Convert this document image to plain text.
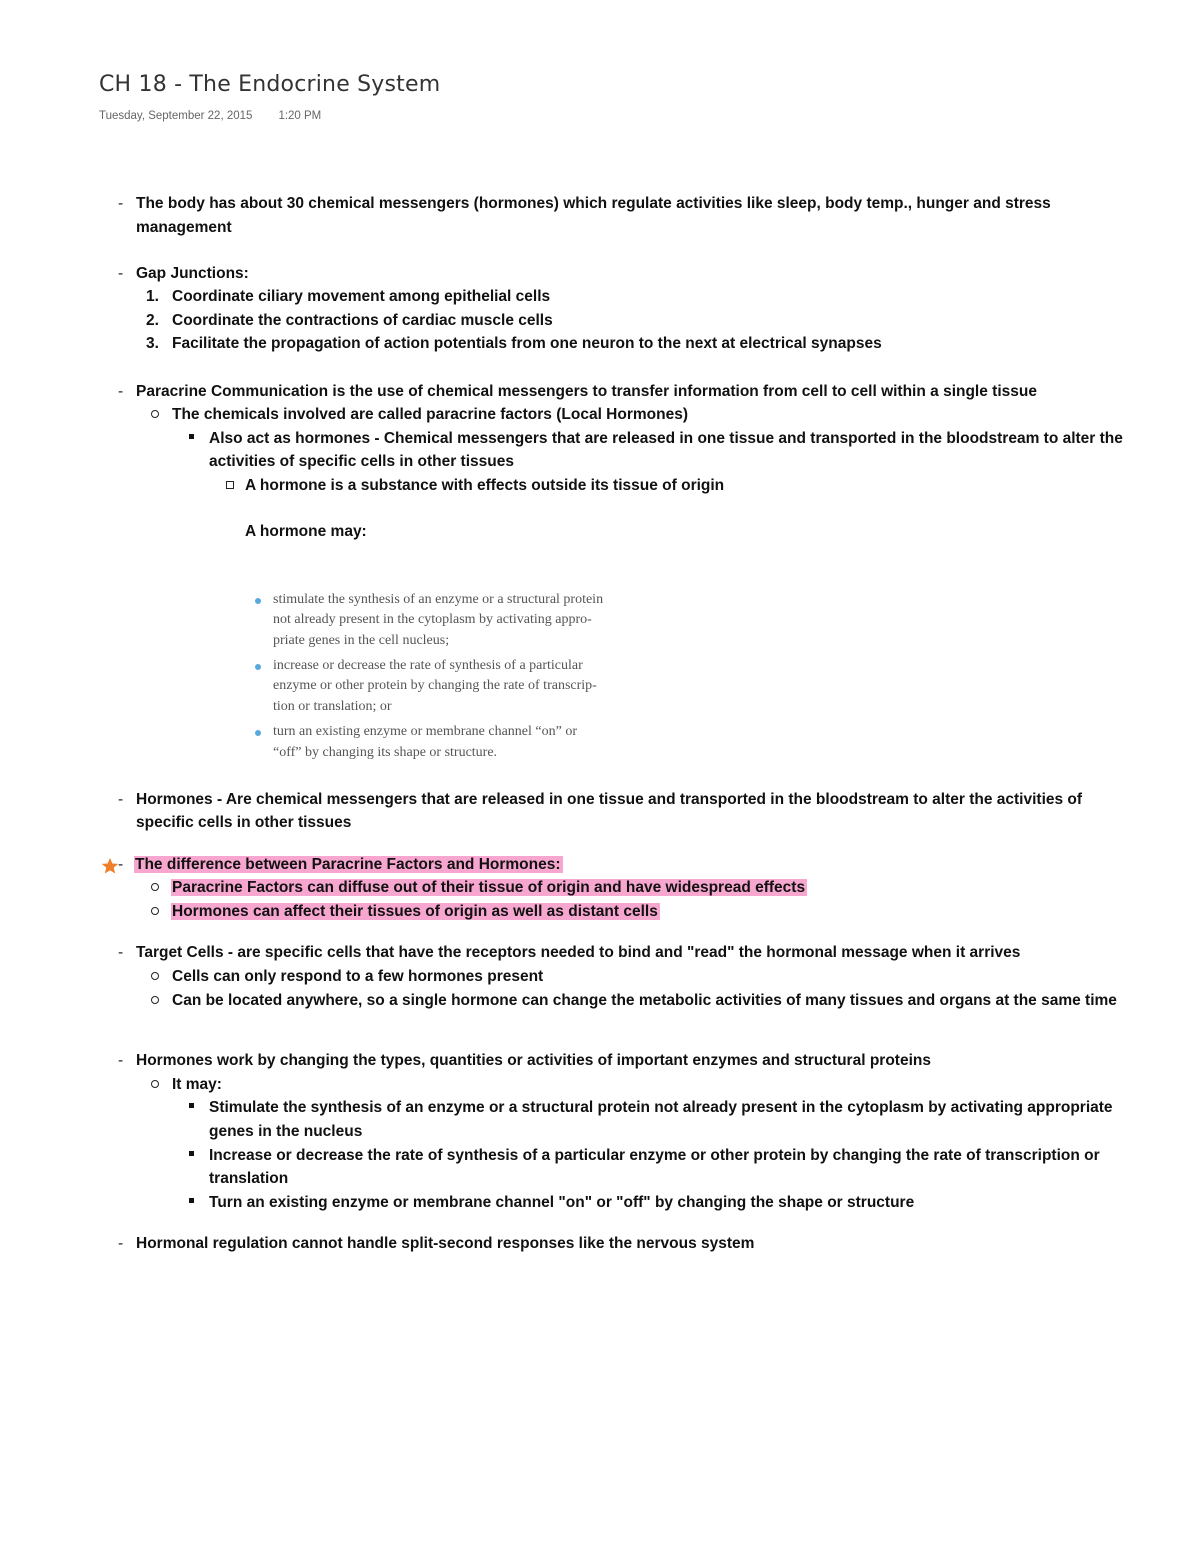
CH 18 - The Endocrine System
Tuesday, September 22, 2015 1:20 PM
- The body has about 30 chemical messengers (hormones) which regulate activities like sleep, body temp., hunger and stress
management
- Gap Junctions:
1. Coordinate ciliary movement among epithelial cells
2. Coordinate the contractions of cardiac muscle cells
3. Facilitate the propagation of action potentials from one neuron to the next at electrical synapses
- Paracrine Communication is the use of chemical messengers to transfer information from cell to cell within a single tissue
The chemicals involved are called paracrine factors (Local Hormones)
Also act as hormones - Chemical messengers that are released in one tissue and transported in the bloodstream to alter the
activities of specific cells in other tissues
A hormone is a substance with effects outside its tissue of origin
A hormone may:
stimulate the synthesis of an enzyme or a structural protein
not already present in the cytoplasm by activating appro-
priate genes in the cell nucleus;
increase or decrease the rate of synthesis of a particular
enzyme or other protein by changing the rate of transcrip-
tion or translation; or
turn an existing enzyme or membrane channel “on” or
“off” by changing its shape or structure.
- Hormones - Are chemical messengers that are released in one tissue and transported in the bloodstream to alter the activities of
specific cells in other tissues
- The difference between Paracrine Factors and Hormones:
Paracrine Factors can diffuse out of their tissue of origin and have widespread effects
Hormones can affect their tissues of origin as well as distant cells
- Target Cells - are specific cells that have the receptors needed to bind and "read" the hormonal message when it arrives
Cells can only respond to a few hormones present
Can be located anywhere, so a single hormone can change the metabolic activities of many tissues and organs at the same time
- Hormones work by changing the types, quantities or activities of important enzymes and structural proteins
It may:
Stimulate the synthesis of an enzyme or a structural protein not already present in the cytoplasm by activating appropriate
genes in the nucleus
Increase or decrease the rate of synthesis of a particular enzyme or other protein by changing the rate of transcription or
translation
Turn an existing enzyme or membrane channel "on" or "off" by changing the shape or structure
- Hormonal regulation cannot handle split-second responses like the nervous system
